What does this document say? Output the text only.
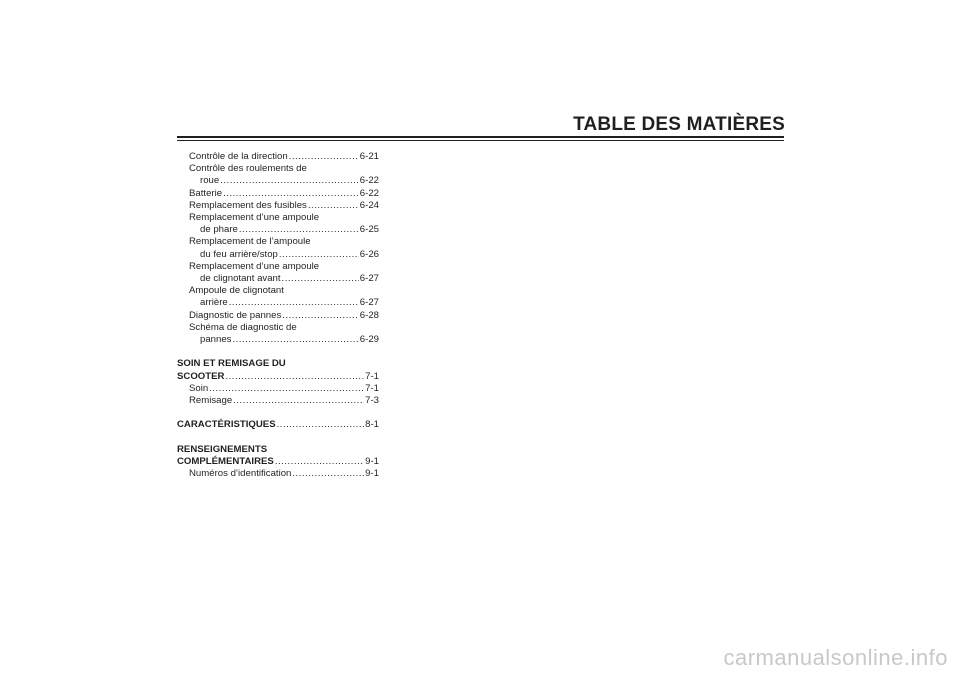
TABLE DES MATIÈRES
Contrôle de la direction .....	6-21
Contrôle des roulements de
roue .....	6-22
Batterie .....	6-22
Remplacement des fusibles .....	6-24
Remplacement d’une ampoule
de phare .....	6-25
Remplacement de l’ampoule
du feu arrière/stop .....	6-26
Remplacement d’une ampoule
de clignotant avant .....	6-27
Ampoule de clignotant
arrière .....	6-27
Diagnostic de pannes .....	6-28
Schéma de diagnostic de
pannes .....	6-29
SOIN ET REMISAGE DU
SCOOTER .....	7-1
Soin .....	7-1
Remisage .....	7-3
CARACTÉRISTIQUES .....	8-1
RENSEIGNEMENTS
COMPLÉMENTAIRES .....	9-1
Numéros d’identification .....	9-1
carmanualsonline.info
